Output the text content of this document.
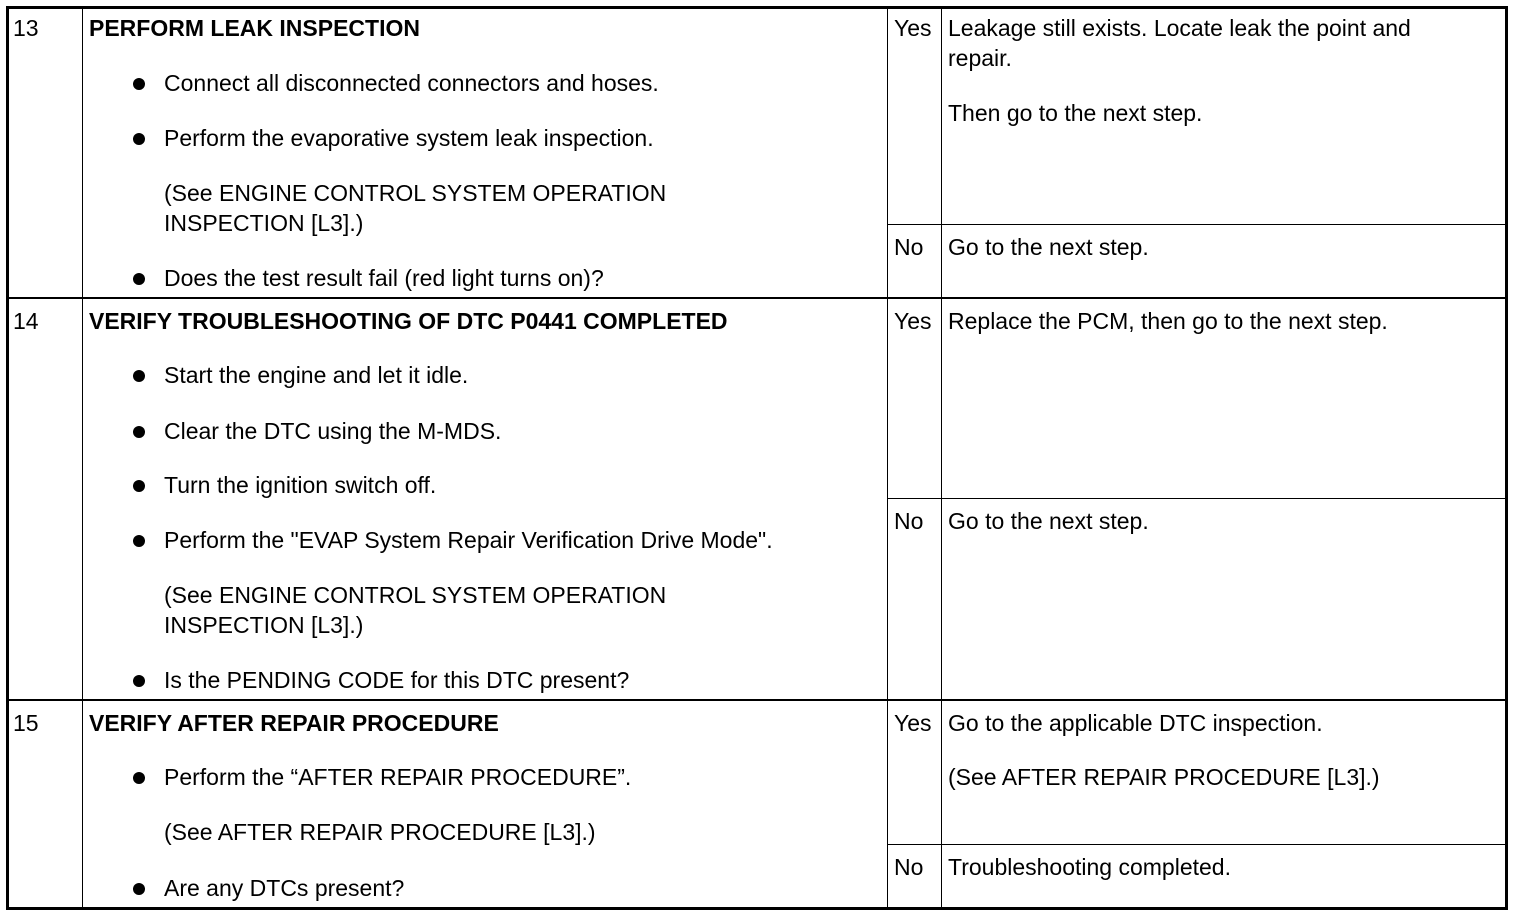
13 PERFORM LEAK INSPECTION
Connect all disconnected connectors and hoses.
Perform the evaporative system leak inspection.
(See ENGINE CONTROL SYSTEM OPERATION
INSPECTION [L3].)
Does the test result fail (red light turns on)?
Yes Leakage still exists. Locate leak the point and
repair.
Then go to the next step.
No Go to the next step.
14 VERIFY TROUBLESHOOTING OF DTC P0441 COMPLETED
Start the engine and let it idle.
Clear the DTC using the M-MDS.
Turn the ignition switch off.
Perform the "EVAP System Repair Verification Drive Mode".
(See ENGINE CONTROL SYSTEM OPERATION
INSPECTION [L3].)
Is the PENDING CODE for this DTC present?
Yes Replace the PCM, then go to the next step.
No Go to the next step.
15 VERIFY AFTER REPAIR PROCEDURE
Perform the “AFTER REPAIR PROCEDURE”.
(See AFTER REPAIR PROCEDURE [L3].)
Are any DTCs present?
Yes Go to the applicable DTC inspection.
(See AFTER REPAIR PROCEDURE [L3].)
No Troubleshooting completed.
